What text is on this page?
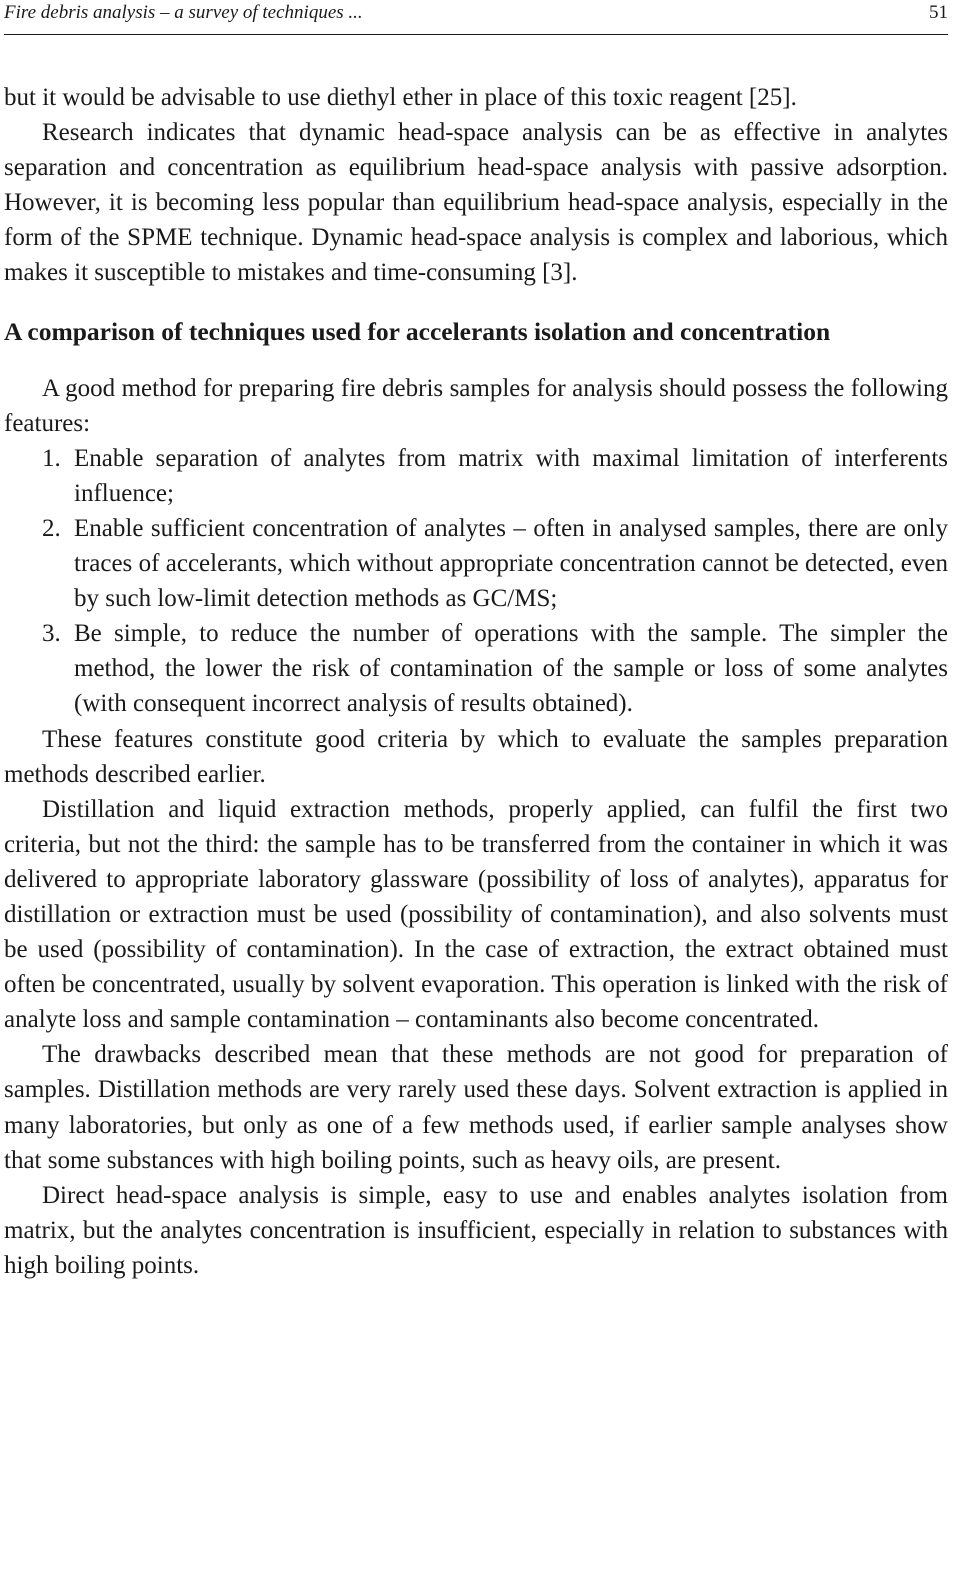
Fire debris analysis – a survey of techniques ...	51

but it would be advisable to use diethyl ether in place of this toxic reagent [25].

Research indicates that dynamic head-space analysis can be as effective in analytes separation and concentration as equilibrium head-space analysis with passive adsorption. However, it is becoming less popular than equilibrium head-space analysis, especially in the form of the SPME technique. Dynamic head-space analysis is complex and laborious, which makes it susceptible to mistakes and time-consuming [3].

A comparison of techniques used for accelerants isolation and concentration

A good method for preparing fire debris samples for analysis should possess the following features:

1. Enable separation of analytes from matrix with maximal limitation of interferents influence;
2. Enable sufficient concentration of analytes – often in analysed samples, there are only traces of accelerants, which without appropriate concentration cannot be detected, even by such low-limit detection methods as GC/MS;
3. Be simple, to reduce the number of operations with the sample. The simpler the method, the lower the risk of contamination of the sample or loss of some analytes (with consequent incorrect analysis of results obtained).

These features constitute good criteria by which to evaluate the samples preparation methods described earlier.

Distillation and liquid extraction methods, properly applied, can fulfil the first two criteria, but not the third: the sample has to be transferred from the container in which it was delivered to appropriate laboratory glassware (possibility of loss of analytes), apparatus for distillation or extraction must be used (possibility of contamination), and also solvents must be used (possibility of contamination). In the case of extraction, the extract obtained must often be concentrated, usually by solvent evaporation. This operation is linked with the risk of analyte loss and sample contamination – contaminants also become concentrated.

The drawbacks described mean that these methods are not good for preparation of samples. Distillation methods are very rarely used these days. Solvent extraction is applied in many laboratories, but only as one of a few methods used, if earlier sample analyses show that some substances with high boiling points, such as heavy oils, are present.

Direct head-space analysis is simple, easy to use and enables analytes isolation from matrix, but the analytes concentration is insufficient, especially in relation to substances with high boiling points.
